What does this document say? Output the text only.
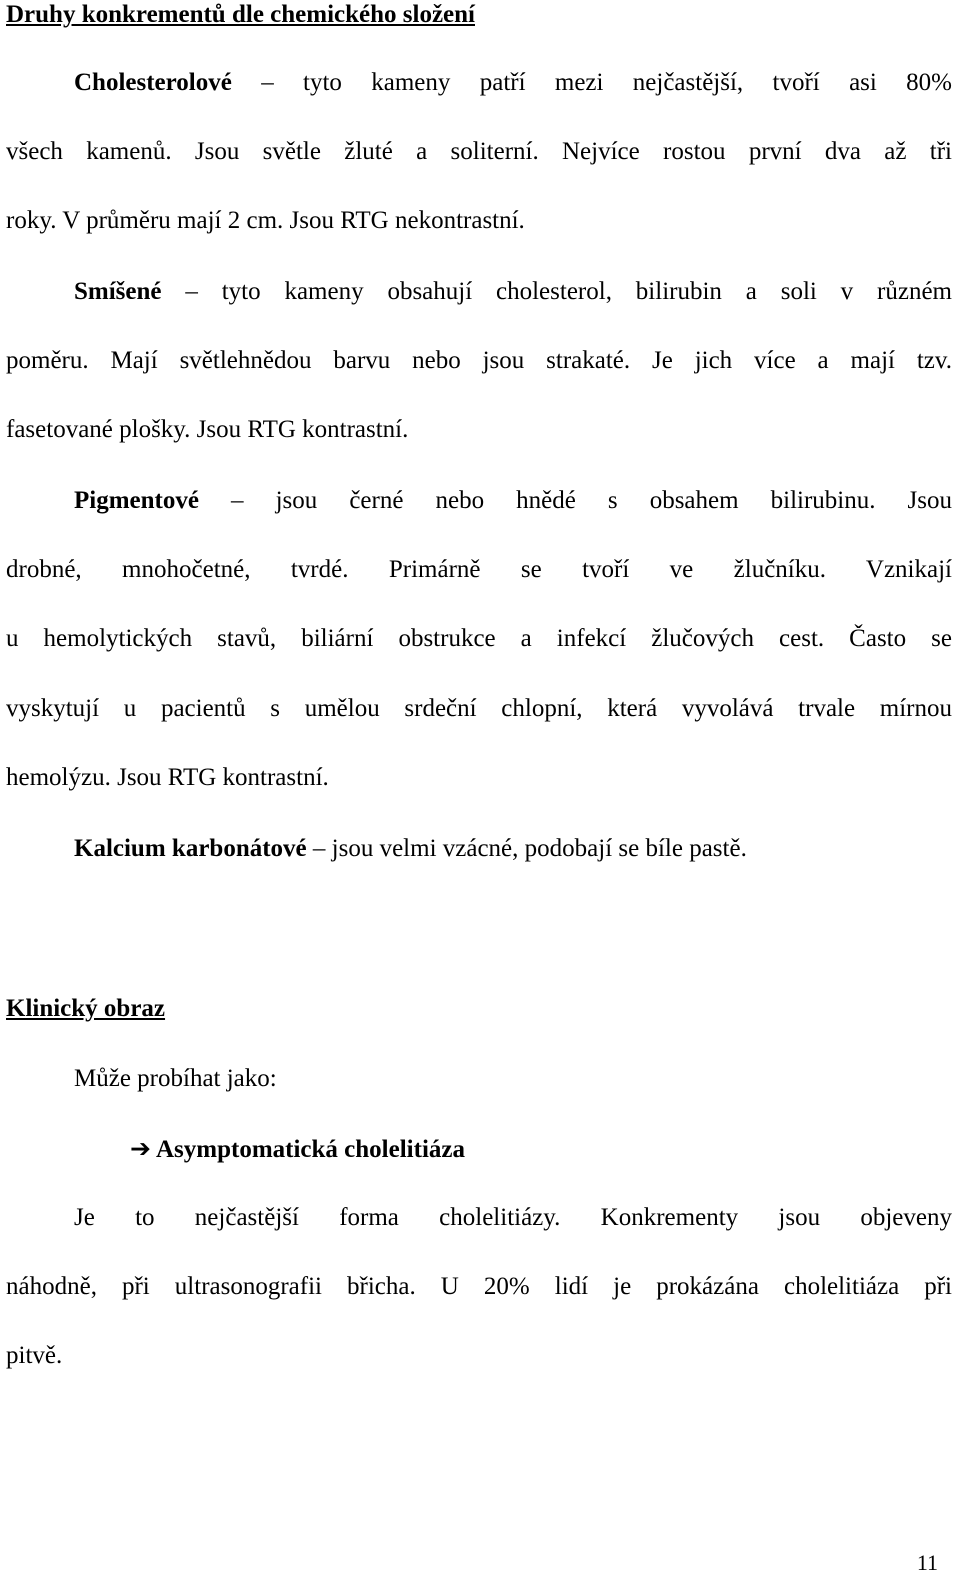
Druhy konkrementů dle chemického složení
Cholesterolové – tyto kameny patří mezi nejčastější, tvoří asi 80%
všech kamenů. Jsou světle žluté a soliterní. Nejvíce rostou první dva až tři
roky. V průměru mají 2 cm. Jsou RTG nekontrastní.
Smíšené – tyto kameny obsahují cholesterol, bilirubin a soli v různém
poměru. Mají světlehnědou barvu nebo jsou strakaté. Je jich více a mají tzv.
fasetované plošky. Jsou RTG kontrastní.
Pigmentové – jsou černé nebo hnědé s obsahem bilirubinu. Jsou
drobné, mnohočetné, tvrdé. Primárně se tvoří ve žlučníku. Vznikají
u hemolytických stavů, biliární obstrukce a infekcí žlučových cest. Často se
vyskytují u pacientů s umělou srdeční chlopní, která vyvolává trvale mírnou
hemolýzu. Jsou RTG kontrastní.
Kalcium karbonátové – jsou velmi vzácné, podobají se bíle pastě.
Klinický obraz
Může probíhat jako:
➔ Asymptomatická cholelitiáza
Je to nejčastější forma cholelitiázy. Konkrementy jsou objeveny
náhodně, při ultrasonografii břicha. U 20% lidí je prokázána cholelitiáza při
pitvě.
11
